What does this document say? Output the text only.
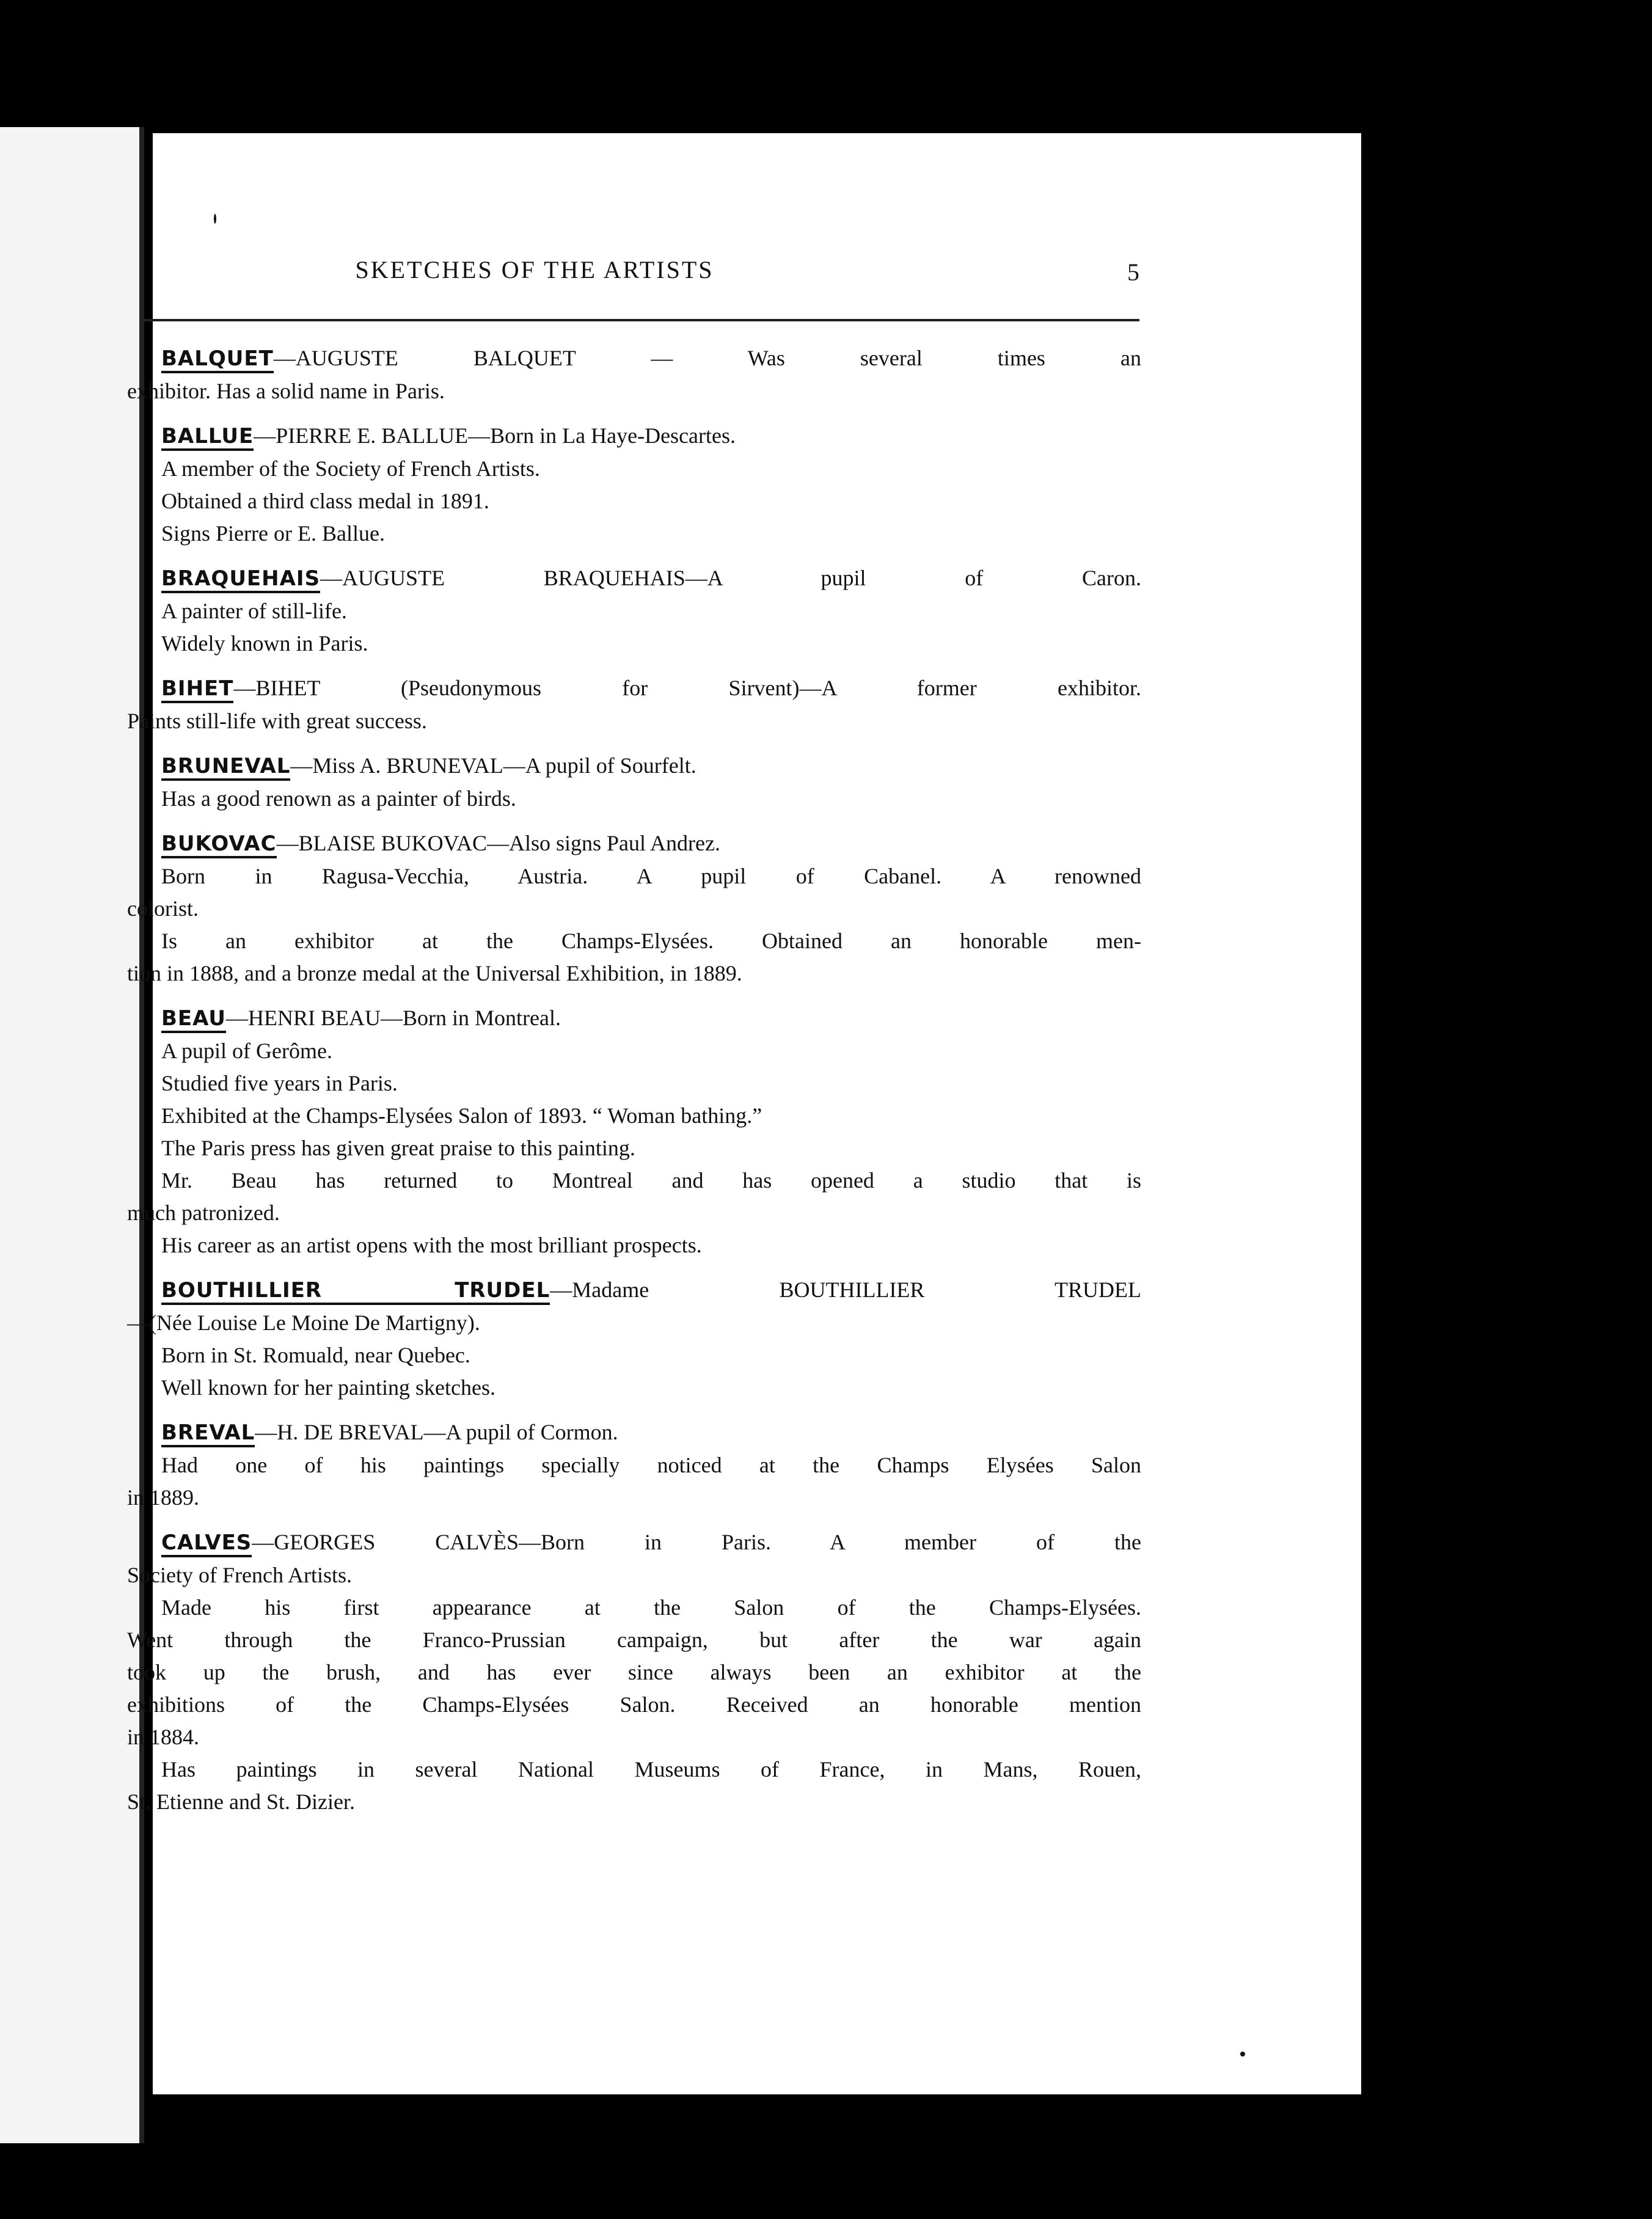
SKETCHES OF THE ARTISTS	5
BALQUET—AUGUSTE BALQUET — Was several times an
exhibitor. Has a solid name in Paris.
BALLUE—PIERRE E. BALLUE—Born in La Haye-Descartes.
A member of the Society of French Artists.
Obtained a third class medal in 1891.
Signs Pierre or E. Ballue.
BRAQUEHAIS—AUGUSTE BRAQUEHAIS—A pupil of Caron.
A painter of still-life.
Widely known in Paris.
BIHET—BIHET (Pseudonymous for Sirvent)—A former exhibitor.
Paints still-life with great success.
BRUNEVAL—Miss A. BRUNEVAL—A pupil of Sourfelt.
Has a good renown as a painter of birds.
BUKOVAC—BLAISE BUKOVAC—Also signs Paul Andrez.
Born in Ragusa-Vecchia, Austria. A pupil of Cabanel. A renowned
colorist.
Is an exhibitor at the Champs-Elysées. Obtained an honorable men-
tion in 1888, and a bronze medal at the Universal Exhibition, in 1889.
BEAU—HENRI BEAU—Born in Montreal.
A pupil of Gerôme.
Studied five years in Paris.
Exhibited at the Champs-Elysées Salon of 1893. “ Woman bathing.”
The Paris press has given great praise to this painting.
Mr. Beau has returned to Montreal and has opened a studio that is
much patronized.
His career as an artist opens with the most brilliant prospects.
BOUTHILLIER TRUDEL—Madame BOUTHILLIER TRUDEL
—(Née Louise Le Moine De Martigny).
Born in St. Romuald, near Quebec.
Well known for her painting sketches.
BREVAL—H. DE BREVAL—A pupil of Cormon.
Had one of his paintings specially noticed at the Champs Elysées Salon
in 1889.
CALVES—GEORGES CALVÈS—Born in Paris. A member of the
Society of French Artists.
Made his first appearance at the Salon of the Champs-Elysées.
Went through the Franco-Prussian campaign, but after the war again
took up the brush, and has ever since always been an exhibitor at the
exhibitions of the Champs-Elysées Salon. Received an honorable mention
in 1884.
Has paintings in several National Museums of France, in Mans, Rouen,
St. Etienne and St. Dizier.
